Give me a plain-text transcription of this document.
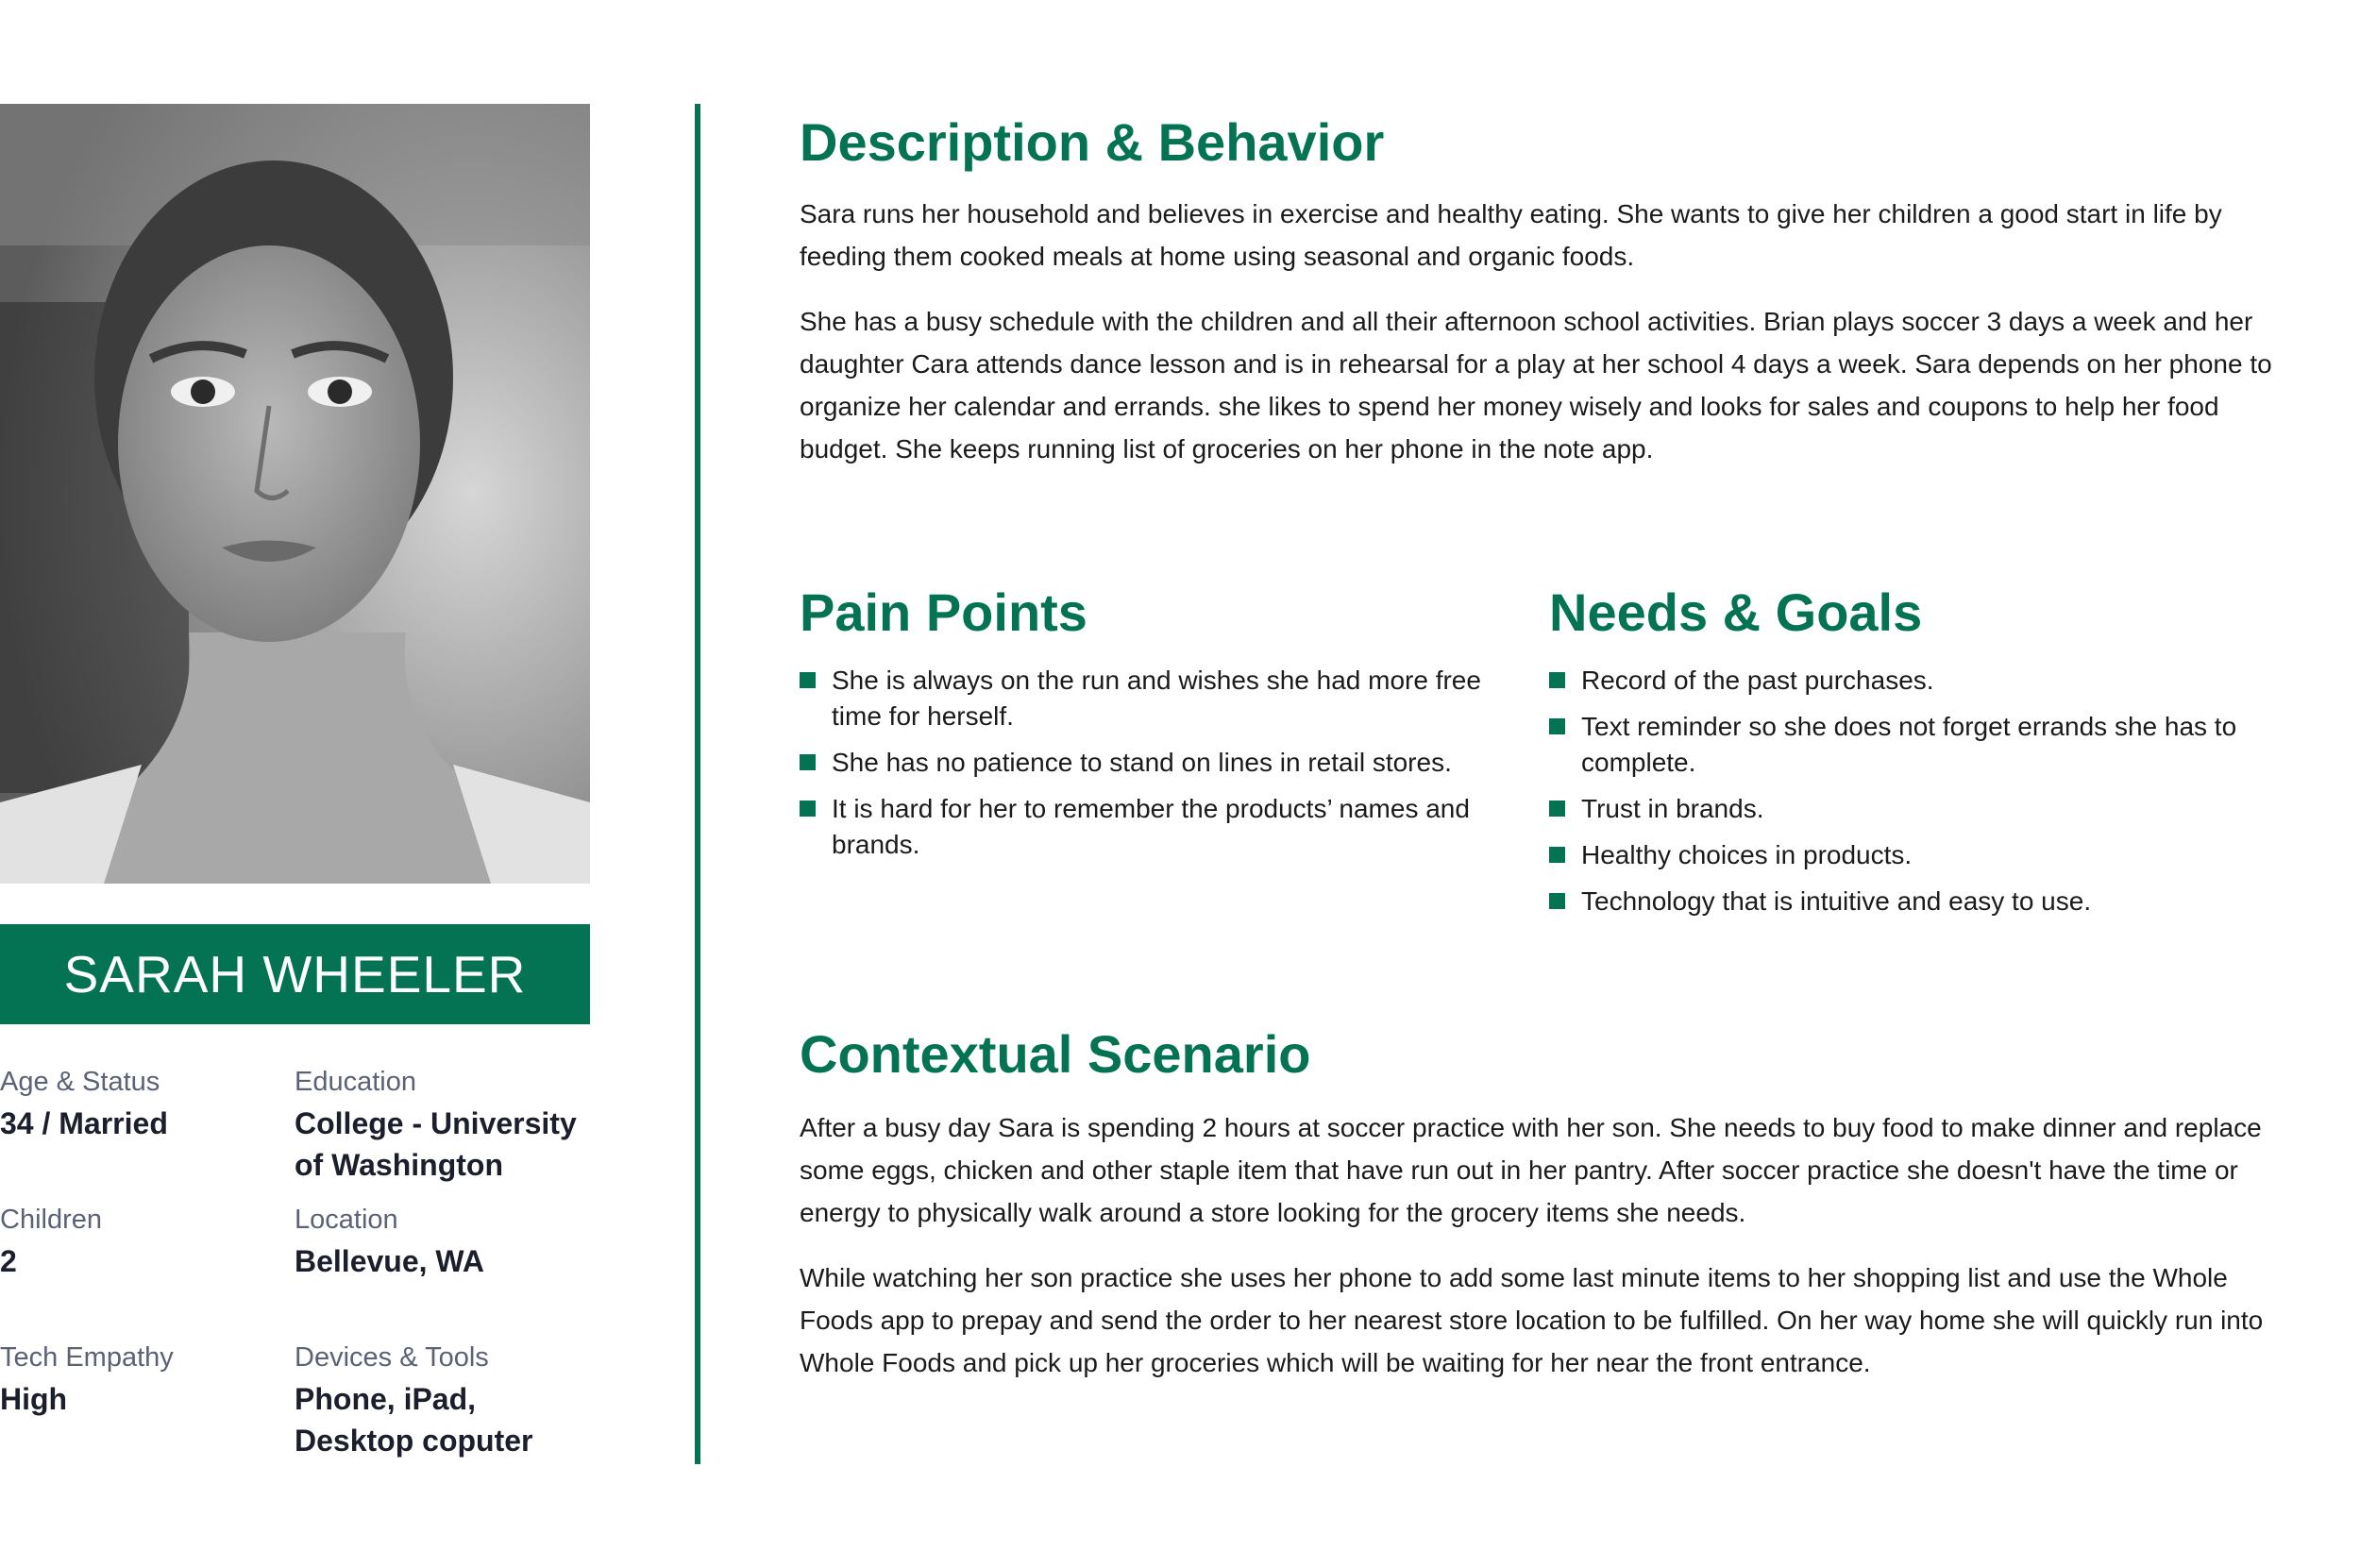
SARAH WHEELER
Age & Status
34 / Married
Education
College - University of Washington
Children
2
Location
Bellevue, WA
Tech Empathy
High
Devices & Tools
Phone, iPad, Desktop coputer
Description & Behavior

Sara runs her household and believes in exercise and healthy eating. She wants to give her children a good start in life by feeding them cooked meals at home using seasonal and organic foods.

She has a busy schedule with the children and all their afternoon school activities. Brian plays soccer 3 days a week and her daughter Cara attends dance lesson and is in rehearsal for a play at her school 4 days a week. Sara depends on her phone to organize her calendar and errands. she likes to spend her money wisely and looks for sales and coupons to help her food budget. She keeps running list of groceries on her phone in the note app.

Pain Points
She is always on the run and wishes she had more free time for herself.
She has no patience to stand on lines in retail stores.
It is hard for her to remember the products’ names and brands.
Needs & Goals
Record of the past purchases.
Text reminder so she does not forget errands she has to complete.
Trust in brands.
Healthy choices in products.
Technology that is intuitive and easy to use.
Contextual Scenario

After a busy day Sara is spending 2 hours at soccer practice with her son. She needs to buy food to make dinner and replace some eggs, chicken and other staple item that have run out in her pantry. After soccer practice she doesn't have the time or energy to physically walk around a store looking for the grocery items she needs.

While watching her son practice she uses her phone to add some last minute items to her shopping list and use the Whole Foods app to prepay and send the order to her nearest store location to be fulfilled. On her way home she will quickly run into Whole Foods and pick up her groceries which will be waiting for her near the front entrance.
